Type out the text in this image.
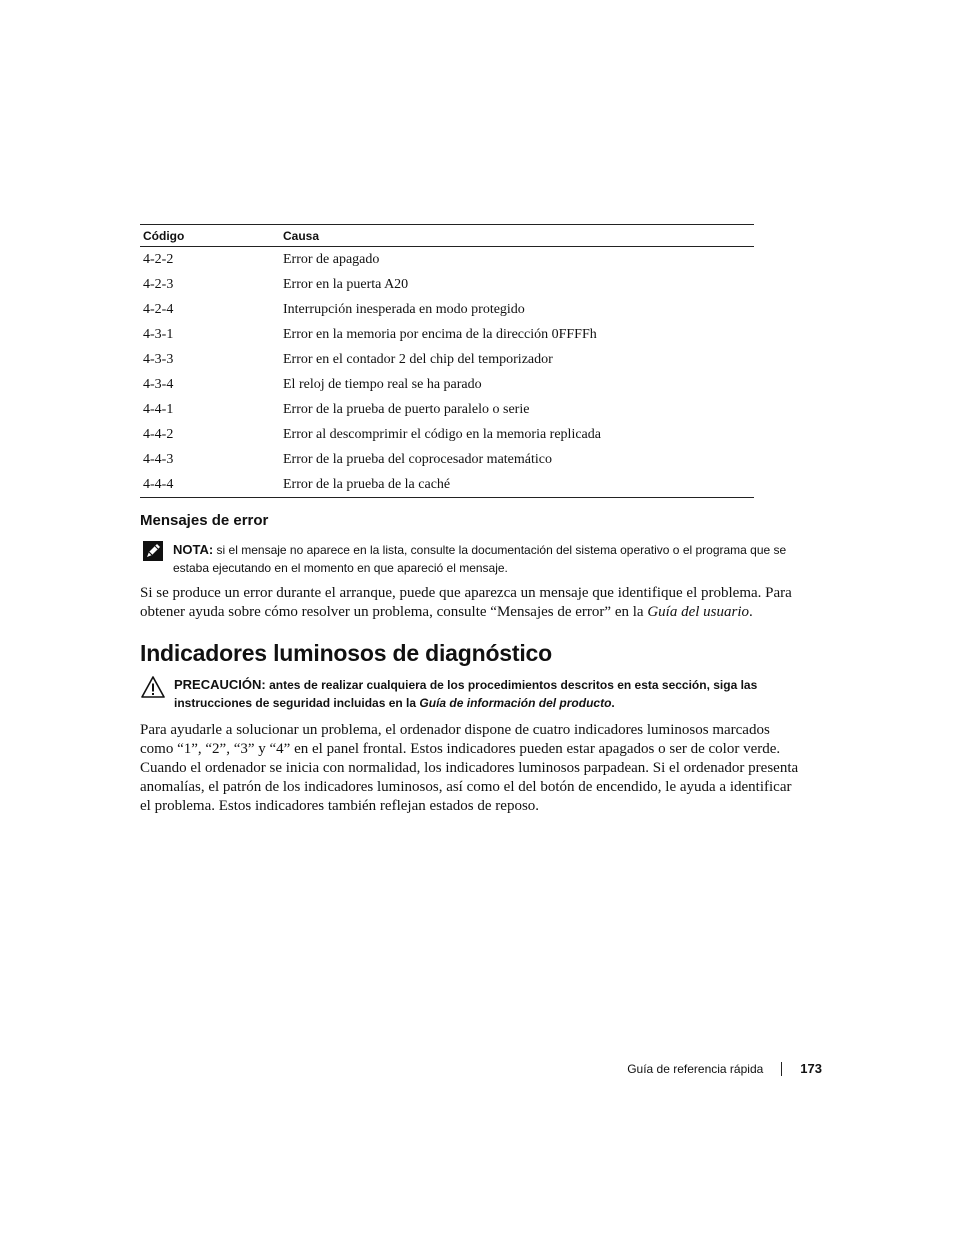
Código	Causa
4-2-2	Error de apagado
4-2-3	Error en la puerta A20
4-2-4	Interrupción inesperada en modo protegido
4-3-1	Error en la memoria por encima de la dirección 0FFFFh
4-3-3	Error en el contador 2 del chip del temporizador
4-3-4	El reloj de tiempo real se ha parado
4-4-1	Error de la prueba de puerto paralelo o serie
4-4-2	Error al descomprimir el código en la memoria replicada
4-4-3	Error de la prueba del coprocesador matemático
4-4-4	Error de la prueba de la caché
Mensajes de error
NOTA: si el mensaje no aparece en la lista, consulte la documentación del sistema operativo o el programa que se estaba ejecutando en el momento en que apareció el mensaje.

Si se produce un error durante el arranque, puede que aparezca un mensaje que identifique el problema. Para obtener ayuda sobre cómo resolver un problema, consulte “Mensajes de error” en la Guía del usuario.

Indicadores luminosos de diagnóstico
PRECAUCIÓN: antes de realizar cualquiera de los procedimientos descritos en esta sección, siga las instrucciones de seguridad incluidas en la Guía de información del producto.

Para ayudarle a solucionar un problema, el ordenador dispone de cuatro indicadores luminosos marcados como “1”, “2”, “3” y “4” en el panel frontal. Estos indicadores pueden estar apagados o ser de color verde. Cuando el ordenador se inicia con normalidad, los indicadores luminosos parpadean. Si el ordenador presenta anomalías, el patrón de los indicadores luminosos, así como el del botón de encendido, le ayuda a identificar el problema. Estos indicadores también reflejan estados de reposo.

Guía de referencia rápida	173
